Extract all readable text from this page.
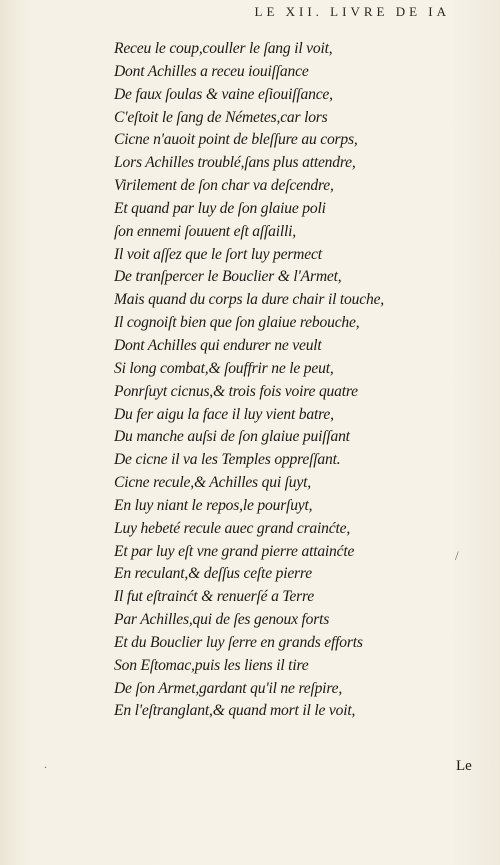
LE XII. LIVRE DE IA
Receu le coup,couller le ſang il voit,
Dont Achilles a receu iouiſſance
De faux ſoulas & vaine eſiouiſſance,
C'eſtoit le ſang de Németes,car lors
Cicne n'auoit point de bleſſure au corps,
Lors Achilles troublé,ſans plus attendre,
Virilement de ſon char va deſcendre,
Et quand par luy de ſon glaiue poli
ſon ennemi ſouuent eſt aſſailli,
Il voit aſſez que le ſort luy permect
De tranſpercer le Bouclier & l'Armet,
Mais quand du corps la dure chair il touche,
Il cognoiſt bien que ſon glaiue rebouche,
Dont Achilles qui endurer ne veult
Si long combat,& ſouffrir ne le peut,
Ponrſuyt cicnus,& trois fois voire quatre
Du fer aigu la face il luy vient batre,
Du manche auſsi de ſon glaiue puiſſant
De cicne il va les Temples oppreſſant.
Cicne recule,& Achilles qui ſuyt,
En luy niant le repos,le pourſuyt,
Luy hebeté recule auec grand crainćte,
Et par luy eſt vne grand pierre attainćte
En reculant,& deſſus ceſte pierre
Il fut eſtrainćt & renuerſé a Terre
Par Achilles,qui de ſes genoux forts
Et du Bouclier luy ſerre en grands efforts
Son Eſtomac,puis les liens il tire
De ſon Armet,gardant qu'il ne reſpire,
En l'eſtranglant,& quand mort il le voit,
Le
.
/
